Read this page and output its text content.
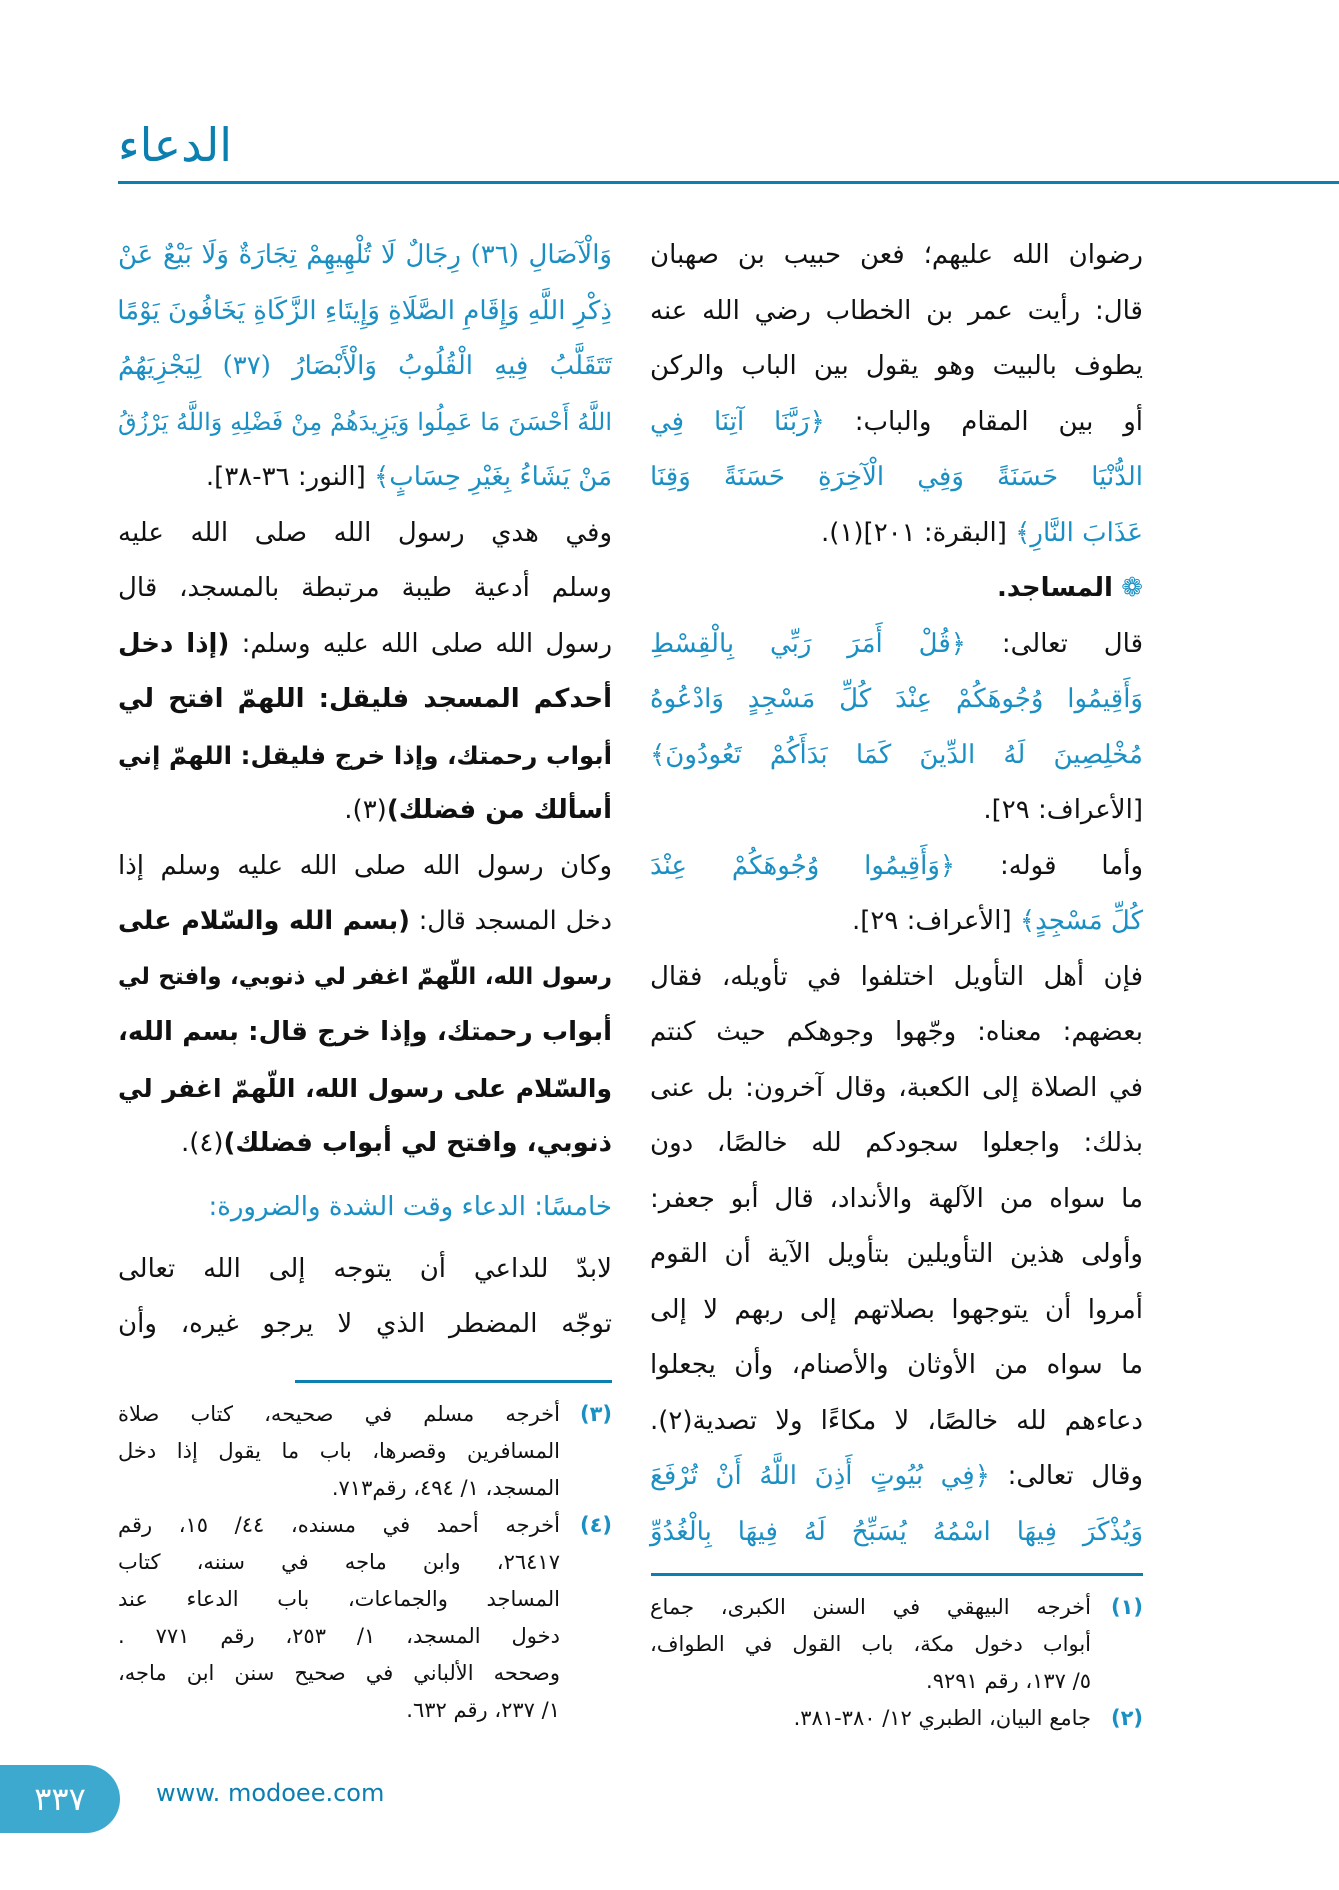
الدعاء
رضوان الله عليهم؛ فعن حبيب بن صهبان
قال: رأيت عمر بن الخطاب رضي الله عنه
يطوف بالبيت وهو يقول بين الباب والركن
أو بين المقام والباب: ﴿رَبَّنَا آتِنَا فِي
الدُّنْيَا حَسَنَةً وَفِي الْآخِرَةِ حَسَنَةً وَقِنَا
عَذَابَ النَّارِ﴾ [البقرة: ٢٠١](١).
❁ المساجد.
قال تعالى: ﴿قُلْ أَمَرَ رَبِّي بِالْقِسْطِ
وَأَقِيمُوا وُجُوهَكُمْ عِنْدَ كُلِّ مَسْجِدٍ وَادْعُوهُ
مُخْلِصِينَ لَهُ الدِّينَ كَمَا بَدَأَكُمْ تَعُودُونَ﴾
[الأعراف: ٢٩].
وأما قوله: ﴿وَأَقِيمُوا وُجُوهَكُمْ عِنْدَ
كُلِّ مَسْجِدٍ﴾ [الأعراف: ٢٩].
فإن أهل التأويل اختلفوا في تأويله، فقال
بعضهم: معناه: وجّهوا وجوهكم حيث كنتم
في الصلاة إلى الكعبة، وقال آخرون: بل عنى
بذلك: واجعلوا سجودكم لله خالصًا، دون
ما سواه من الآلهة والأنداد، قال أبو جعفر:
وأولى هذين التأويلين بتأويل الآية أن القوم
أمروا أن يتوجهوا بصلاتهم إلى ربهم لا إلى
ما سواه من الأوثان والأصنام، وأن يجعلوا
دعاءهم لله خالصًا، لا مكاءًا ولا تصدية(٢).
وقال تعالى: ﴿فِي بُيُوتٍ أَذِنَ اللَّهُ أَنْ تُرْفَعَ
وَيُذْكَرَ فِيهَا اسْمُهُ يُسَبِّحُ لَهُ فِيهَا بِالْغُدُوِّ
وَالْآصَالِ (٣٦) رِجَالٌ لَا تُلْهِيهِمْ تِجَارَةٌ وَلَا بَيْعٌ عَنْ
ذِكْرِ اللَّهِ وَإِقَامِ الصَّلَاةِ وَإِيتَاءِ الزَّكَاةِ يَخَافُونَ يَوْمًا
تَتَقَلَّبُ فِيهِ الْقُلُوبُ وَالْأَبْصَارُ (٣٧) لِيَجْزِيَهُمُ
اللَّهُ أَحْسَنَ مَا عَمِلُوا وَيَزِيدَهُمْ مِنْ فَضْلِهِ وَاللَّهُ يَرْزُقُ
مَنْ يَشَاءُ بِغَيْرِ حِسَابٍ﴾ [النور: ٣٦-٣٨].
وفي هدي رسول الله صلى الله عليه
وسلم أدعية طيبة مرتبطة بالمسجد، قال
رسول الله صلى الله عليه وسلم: (إذا دخل
أحدكم المسجد فليقل: اللهمّ افتح لي
أبواب رحمتك، وإذا خرج فليقل: اللهمّ إني
أسألك من فضلك)(٣).
وكان رسول الله صلى الله عليه وسلم إذا
دخل المسجد قال: (بسم الله والسّلام على
رسول الله، اللّهمّ اغفر لي ذنوبي، وافتح لي
أبواب رحمتك، وإذا خرج قال: بسم الله،
والسّلام على رسول الله، اللّهمّ اغفر لي
ذنوبي، وافتح لي أبواب فضلك)(٤).
خامسًا: الدعاء وقت الشدة والضرورة:
لابدّ للداعي أن يتوجه إلى الله تعالى
توجّه المضطر الذي لا يرجو غيره، وأن
(٣)
أخرجه مسلم في صحيحه، كتاب صلاة
المسافرين وقصرها، باب ما يقول إذا دخل
المسجد، ١/ ٤٩٤، رقم٧١٣.
(٤)
أخرجه أحمد في مسنده، ٤٤/ ١٥، رقم
٢٦٤١٧، وابن ماجه في سننه، كتاب
المساجد والجماعات، باب الدعاء عند
دخول المسجد، ١/ ٢٥٣، رقم ٧٧١ .
وصححه الألباني في صحيح سنن ابن ماجه،
١/ ٢٣٧، رقم ٦٣٢.
(١)
أخرجه البيهقي في السنن الكبرى، جماع
أبواب دخول مكة، باب القول في الطواف،
٥/ ١٣٧، رقم ٩٢٩١.
(٢)
جامع البيان، الطبري ١٢/ ٣٨٠-٣٨١.
٣٣٧	www. modoee.com
